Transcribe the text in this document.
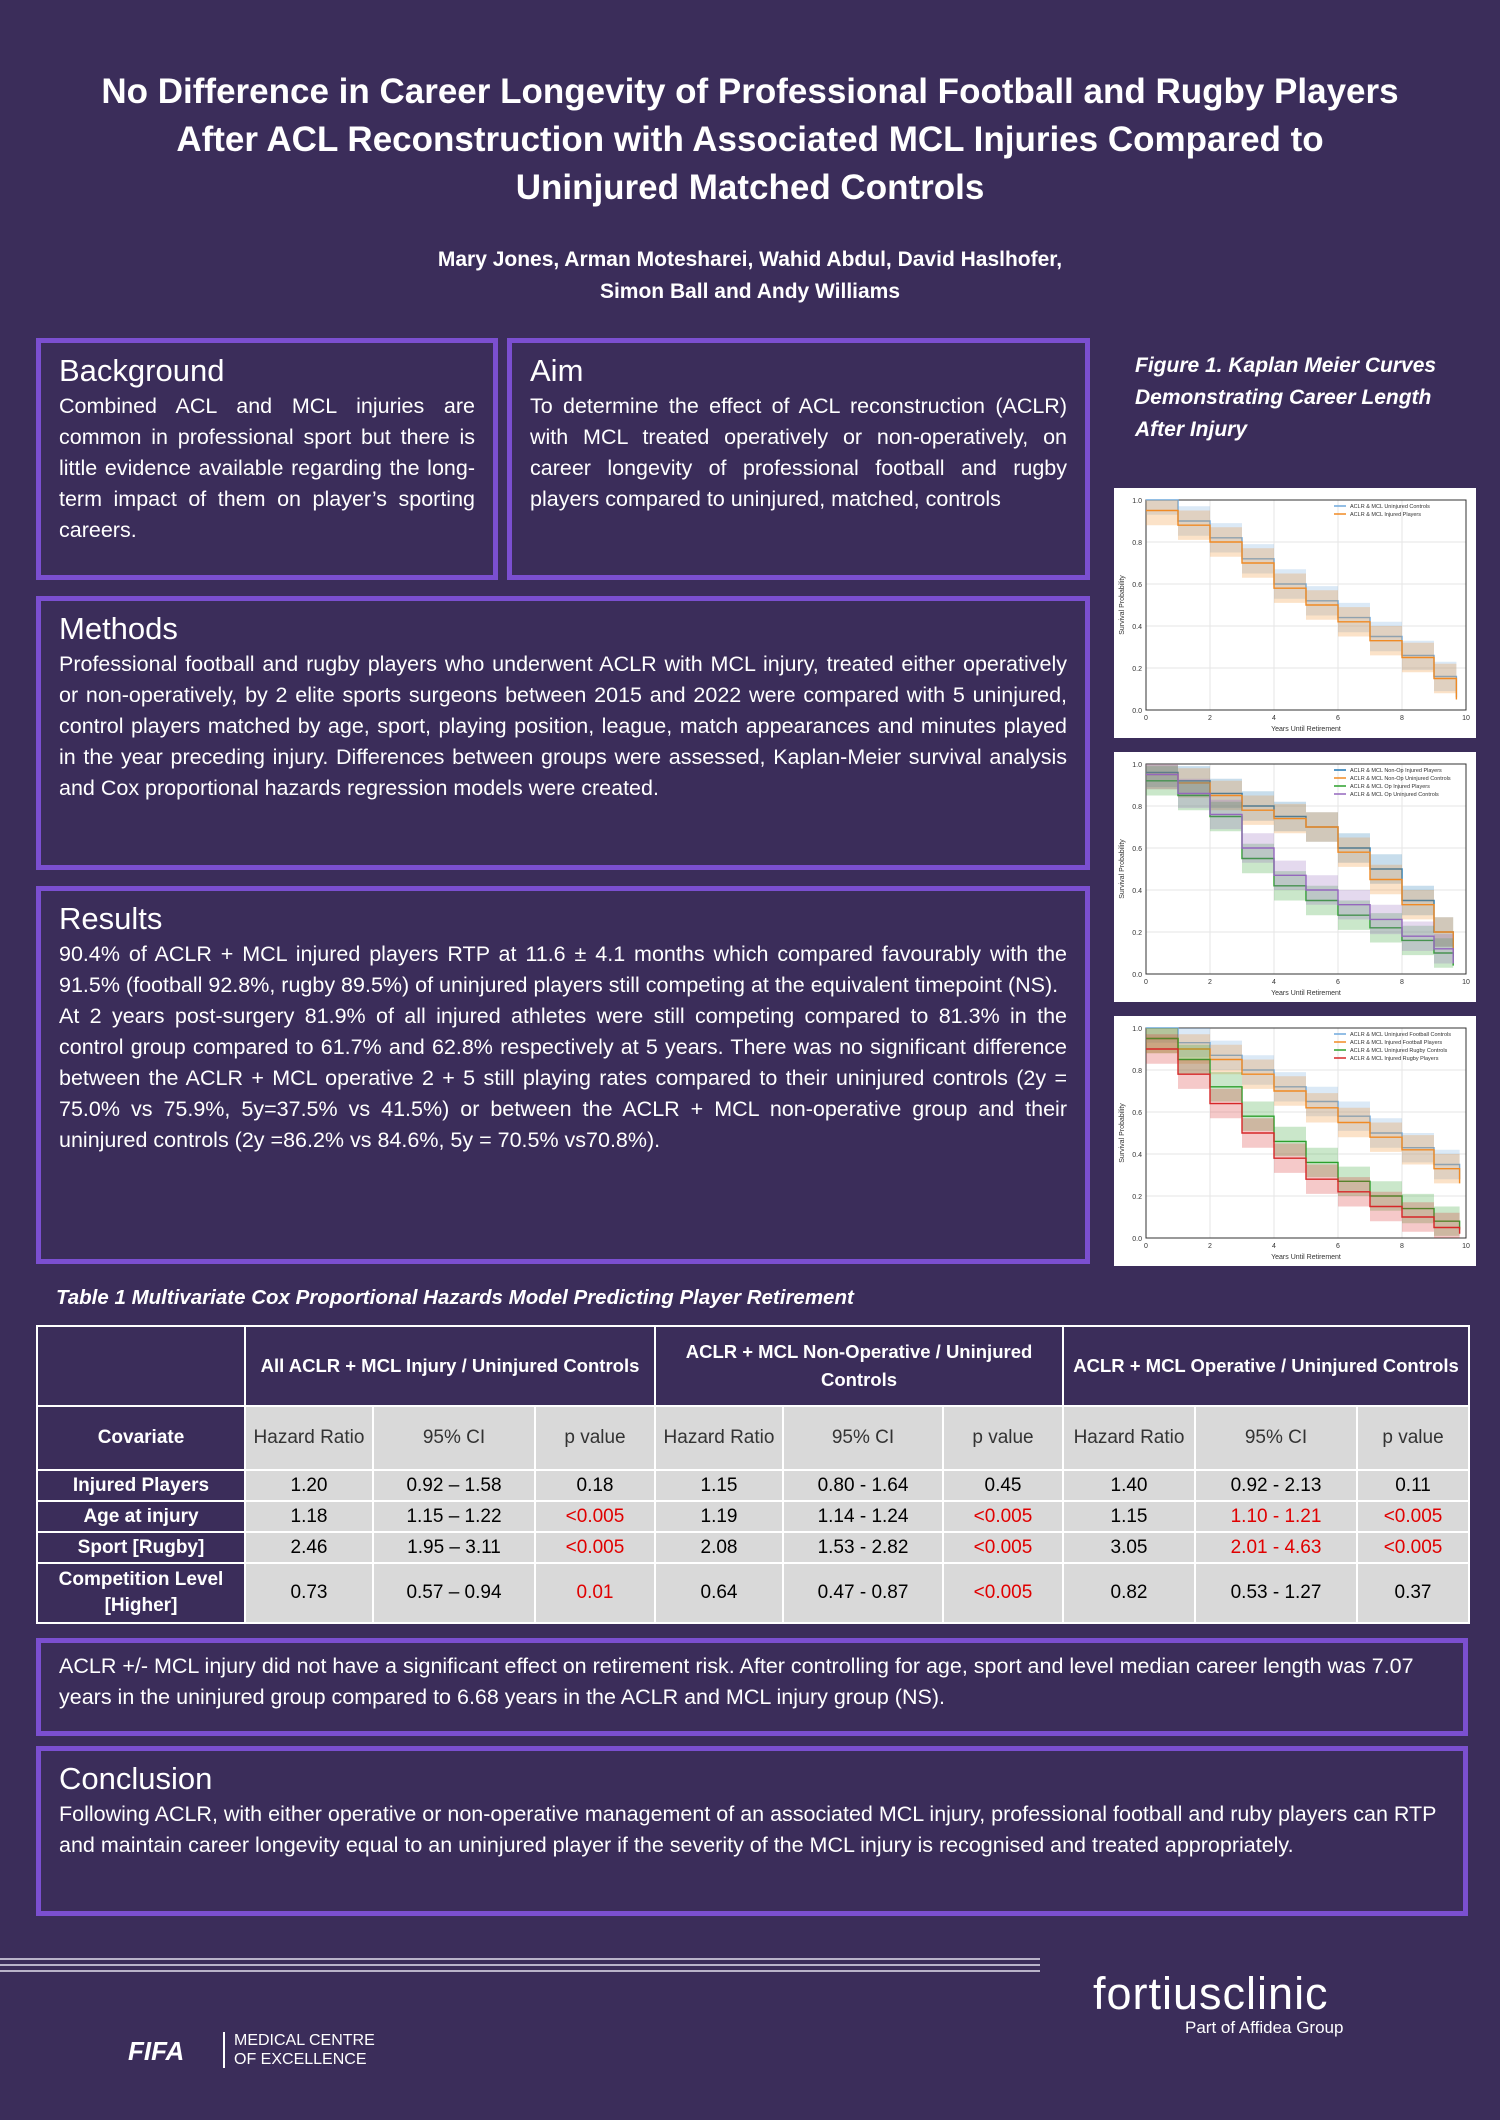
No Difference in Career Longevity of Professional Football and Rugby Players After ACL Reconstruction with Associated MCL Injuries Compared to Uninjured Matched Controls
Mary Jones, Arman Motesharei, Wahid Abdul, David Haslhofer,
Simon Ball and Andy Williams
Background

Combined ACL and MCL injuries are common in professional sport but there is little evidence available regarding the long-term impact of them on player’s sporting careers.

Aim

To determine the effect of ACL reconstruction (ACLR) with MCL treated operatively or non-operatively, on career longevity of professional football and rugby players compared to uninjured, matched, controls

Figure 1. Kaplan Meier Curves Demonstrating Career Length After Injury
Methods

Professional football and rugby players who underwent ACLR with MCL injury, treated either operatively or non-operatively, by 2 elite sports surgeons between 2015 and 2022 were compared with 5 uninjured, control players matched by age, sport, playing position, league, match appearances and minutes played in the year preceding injury. Differences between groups were assessed, Kaplan-Meier survival analysis and Cox proportional hazards regression models were created.

Results

90.4% of ACLR + MCL injured players RTP at 11.6 ± 4.1 months which compared favourably with the 91.5% (football 92.8%, rugby 89.5%) of uninjured players still competing at the equivalent timepoint (NS).

At 2 years post-surgery 81.9% of all injured athletes were still competing compared to 81.3% in the control group compared to 61.7% and 62.8% respectively at 5 years. There was no significant difference between the ACLR + MCL operative 2 + 5 still playing rates compared to their uninjured controls (2y = 75.0% vs 75.9%, 5y=37.5% vs 41.5%) or between the ACLR + MCL non-operative group and their uninjured controls (2y =86.2% vs 84.6%, 5y = 70.5% vs70.8%).

0.0
0.2
0.4
0.6
0.8
1.0
0	2	4	6	8	10
ACLR & MCL Uninjured Controls
ACLR & MCL Injured Players
Years Until Retirement
Survival Probability
0.0
0.2
0.4
0.6
0.8
1.0
0	2	4	6	8	10
ACLR & MCL Non-Op Injured Players
ACLR & MCL Non-Op Uninjured Controls
ACLR & MCL Op Injured Players
ACLR & MCL Op Uninjured Controls
Years Until Retirement
Survival Probability
0.0
0.2
0.4
0.6
0.8
1.0
0	2	4	6	8	10
ACLR & MCL Uninjured Football Controls
ACLR & MCL Injured Football Players
ACLR & MCL Uninjured Rugby Controls
ACLR & MCL Injured Rugby Players
Years Until Retirement
Survival Probability
Table 1 Multivariate Cox Proportional Hazards Model Predicting Player Retirement
	All ACLR + MCL Injury / Uninjured Controls			ACLR + MCL Non-Operative / Uninjured Controls			ACLR + MCL Operative / Uninjured Controls		
Covariate	Hazard Ratio	95% CI	p value	Hazard Ratio	95% CI	p value	Hazard Ratio	95% CI	p value
Injured Players	1.20	0.92 – 1.58	0.18	1.15	0.80 - 1.64	0.45	1.40	0.92 - 2.13	0.11
Age at injury	1.18	1.15 – 1.22	<0.005	1.19	1.14 - 1.24	<0.005	1.15	1.10 - 1.21	<0.005
Sport [Rugby]	2.46	1.95 – 3.11	<0.005	2.08	1.53 - 2.82	<0.005	3.05	2.01 - 4.63	<0.005
Competition Level [Higher]	0.73	0.57 – 0.94	0.01	0.64	0.47 - 0.87	<0.005	0.82	0.53 - 1.27	0.37

ACLR +/- MCL injury did not have a significant effect on retirement risk. After controlling for age, sport and level median career length was 7.07 years in the uninjured group compared to 6.68 years in the ACLR and MCL injury group (NS).

Conclusion

Following ACLR, with either operative or non-operative management of an associated MCL injury, professional football and ruby players can RTP and maintain career longevity equal to an uninjured player if the severity of the MCL injury is recognised and treated appropriately.

fortiusclinic
Part of Affidea Group
FIFA	MEDICAL CENTRE
OF EXCELLENCE
